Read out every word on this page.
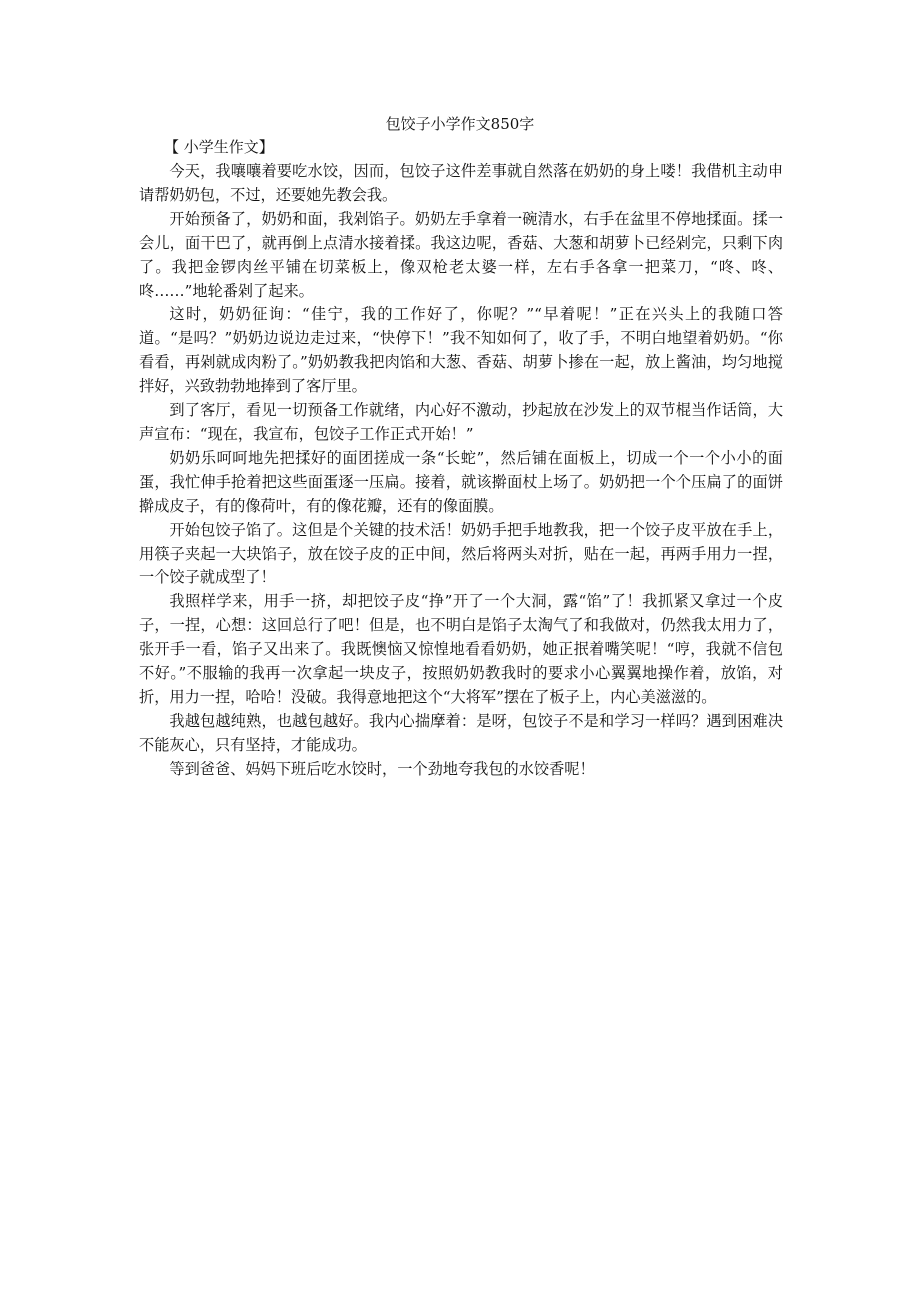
包饺子小学作文850字
【 小学生作文】

今天，我嚷嚷着要吃水饺，因而，包饺子这件差事就自然落在奶奶的身上喽！我借机主动申请帮奶奶包，不过，还要她先教会我。

开始预备了，奶奶和面，我剁馅子。奶奶左手拿着一碗清水，右手在盆里不停地揉面。揉一会儿，面干巴了，就再倒上点清水接着揉。我这边呢，香菇、大葱和胡萝卜已经剁完，只剩下肉了。我把金锣肉丝平铺在切菜板上，像双枪老太婆一样，左右手各拿一把菜刀，“咚、咚、咚……”地轮番剁了起来。

这时，奶奶征询：“佳宁，我的工作好了，你呢？”“早着呢！”正在兴头上的我随口答道。“是吗？”奶奶边说边走过来，“快停下！”我不知如何了，收了手，不明白地望着奶奶。“你看看，再剁就成肉粉了。”奶奶教我把肉馅和大葱、香菇、胡萝卜掺在一起，放上酱油，均匀地搅拌好，兴致勃勃地捧到了客厅里。

到了客厅，看见一切预备工作就绪，内心好不激动，抄起放在沙发上的双节棍当作话筒，大声宣布：“现在，我宣布，包饺子工作正式开始！”

奶奶乐呵呵地先把揉好的面团搓成一条“长蛇”，然后铺在面板上，切成一个一个小小的面蛋，我忙伸手抢着把这些面蛋逐一压扁。接着，就该擀面杖上场了。奶奶把一个个压扁了的面饼擀成皮子，有的像荷叶，有的像花瓣，还有的像面膜。

开始包饺子馅了。这但是个关键的技术活！奶奶手把手地教我，把一个饺子皮平放在手上，用筷子夹起一大块馅子，放在饺子皮的正中间，然后将两头对折，贴在一起，再两手用力一捏，一个饺子就成型了！

我照样学来，用手一挤，却把饺子皮“挣”开了一个大洞，露“馅”了！我抓紧又拿过一个皮子，一捏，心想：这回总行了吧！但是，也不明白是馅子太淘气了和我做对，仍然我太用力了，张开手一看，馅子又出来了。我既懊恼又惊惶地看看奶奶，她正抿着嘴笑呢！“哼，我就不信包不好。”不服输的我再一次拿起一块皮子，按照奶奶教我时的要求小心翼翼地操作着，放馅，对折，用力一捏，哈哈！没破。我得意地把这个“大将军”摆在了板子上，内心美滋滋的。

我越包越纯熟，也越包越好。我内心揣摩着：是呀，包饺子不是和学习一样吗？遇到困难决不能灰心，只有坚持，才能成功。

等到爸爸、妈妈下班后吃水饺时，一个劲地夸我包的水饺香呢！
